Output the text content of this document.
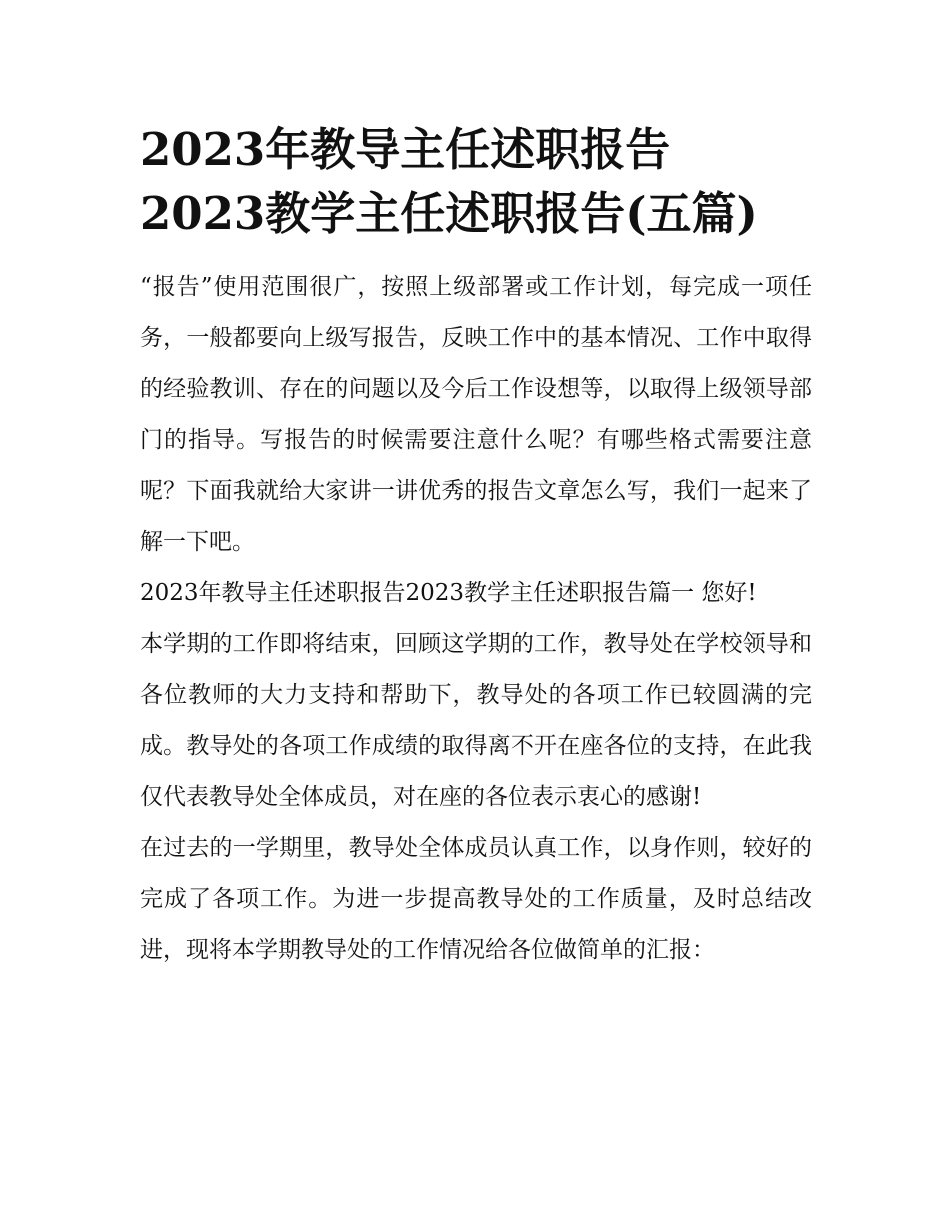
2023年教导主任述职报告
2023教学主任述职报告(五篇)

“报告”使用范围很广，按照上级部署或工作计划，每完成一项任务，一般都要向上级写报告，反映工作中的基本情况、工作中取得的经验教训、存在的问题以及今后工作设想等，以取得上级领导部门的指导。写报告的时候需要注意什么呢？有哪些格式需要注意呢？下面我就给大家讲一讲优秀的报告文章怎么写，我们一起来了解一下吧。

2023年教导主任述职报告2023教学主任述职报告篇一 您好!

本学期的工作即将结束，回顾这学期的工作，教导处在学校领导和各位教师的大力支持和帮助下，教导处的各项工作已较圆满的完成。教导处的各项工作成绩的取得离不开在座各位的支持，在此我仅代表教导处全体成员，对在座的各位表示衷心的感谢!

在过去的一学期里，教导处全体成员认真工作，以身作则，较好的完成了各项工作。为进一步提高教导处的工作质量，及时总结改进，现将本学期教导处的工作情况给各位做简单的汇报：
